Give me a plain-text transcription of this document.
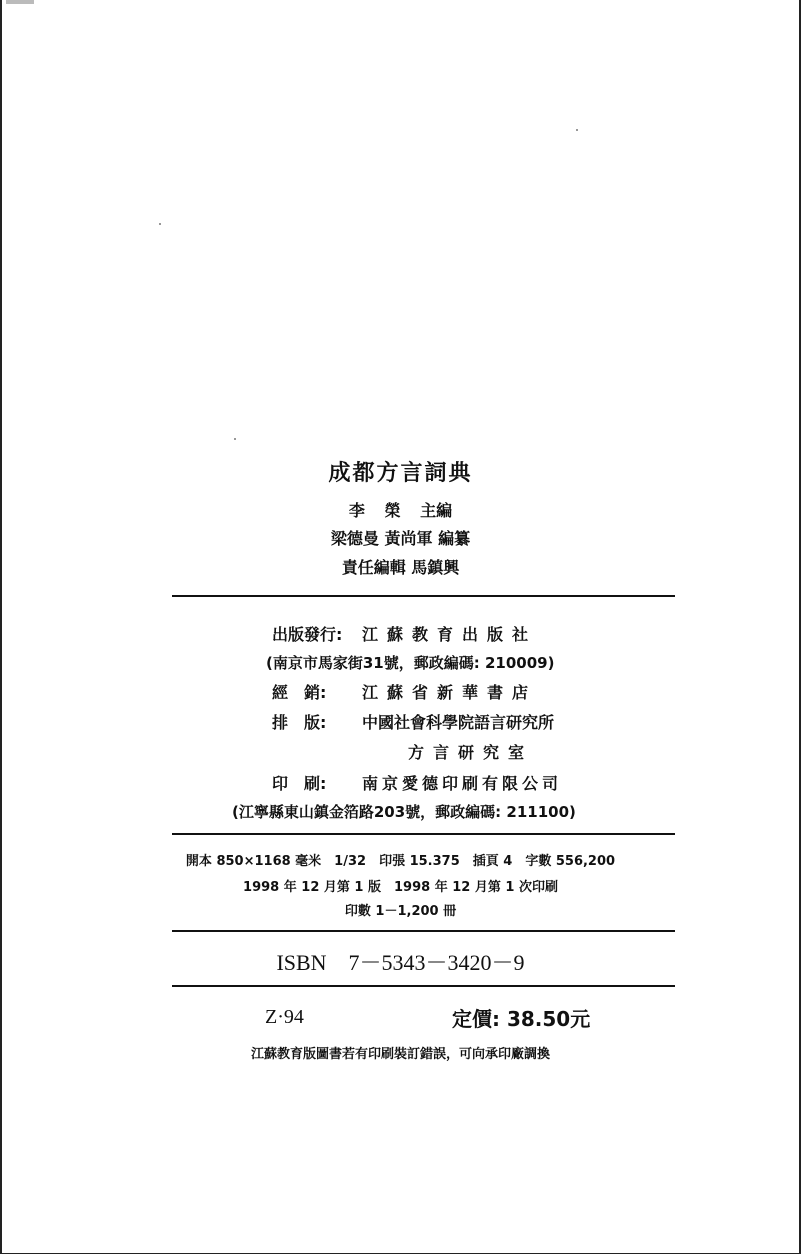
成都方言詞典
李 榮 主編
梁德曼 黃尚軍 編纂
責任編輯 馬鎮興
出版發行: 江蘇教育出版社
(南京市馬家街31號，郵政編碼: 210009)
經　銷: 江蘇省新華書店
排　版: 中國社會科學院語言研究所
方言研究室
印　刷: 南京愛德印刷有限公司
(江寧縣東山鎮金箔路203號，郵政編碼: 211100)
開本 850×1168 毫米　1/32　印張 15.375　插頁 4　字數 556,200
1998 年 12 月第 1 版　1998 年 12 月第 1 次印刷
印數 1－1,200 冊
ISBN　7－5343－3420－9
Z·94	定價: 38.50元
江蘇教育版圖書若有印刷裝訂錯誤，可向承印廠調換
